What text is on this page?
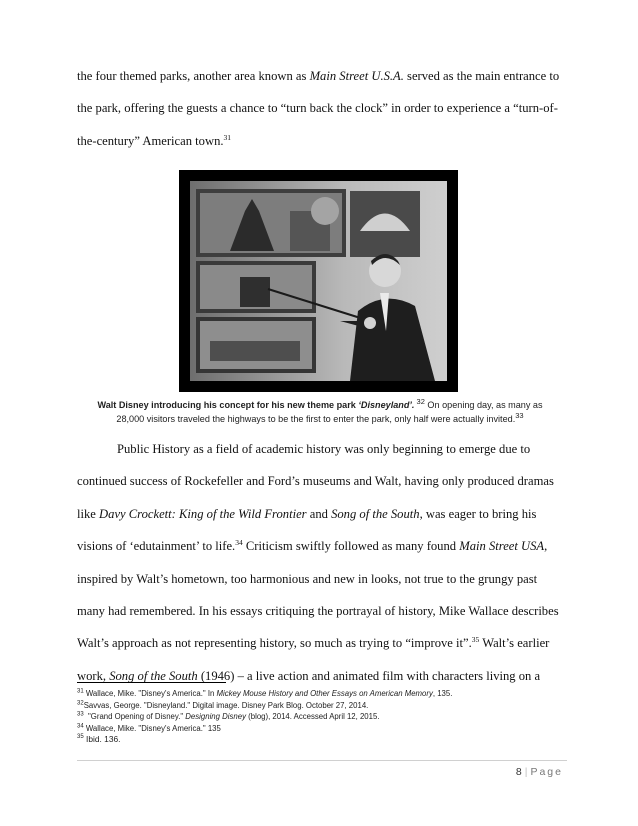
the four themed parks, another area known as Main Street U.S.A. served as the main entrance to
the park, offering the guests a chance to “turn back the clock” in order to experience a “turn-of-
the-century” American town.$^{31}$
Walt Disney introducing his concept for his new theme park ‘Disneyland’. $^{32}$ On opening day, as many as
28,000 visitors traveled the highways to be the first to enter the park, only half were actually invited.$^{33}$
Public History as a field of academic history was only beginning to emerge due to
continued success of Rockefeller and Ford’s museums and Walt, having only produced dramas
like Davy Crockett: King of the Wild Frontier and Song of the South, was eager to bring his
visions of ‘edutainment’ to life.$^{34}$ Criticism swiftly followed as many found Main Street USA,
inspired by Walt’s hometown, too harmonious and new in looks, not true to the grungy past
many had remembered. In his essays critiquing the portrayal of history, Mike Wallace describes
Walt’s approach as not representing history, so much as trying to “improve it”.$^{35}$ Walt’s earlier
work, Song of the South (1946) – a live action and animated film with characters living on a
$^{31}$ Wallace, Mike. "Disney's America." In Mickey Mouse History and Other Essays on American Memory, 135.
$^{32}$Savvas, George. "Disneyland." Digital image. Disney Park Blog. October 27, 2014.
$^{33}$  "Grand Opening of Disney." Designing Disney (blog), 2014. Accessed April 12, 2015.
$^{34}$ Wallace, Mike. "Disney's America." 135
$^{35}$ Ibid. 136.
8 | Page
